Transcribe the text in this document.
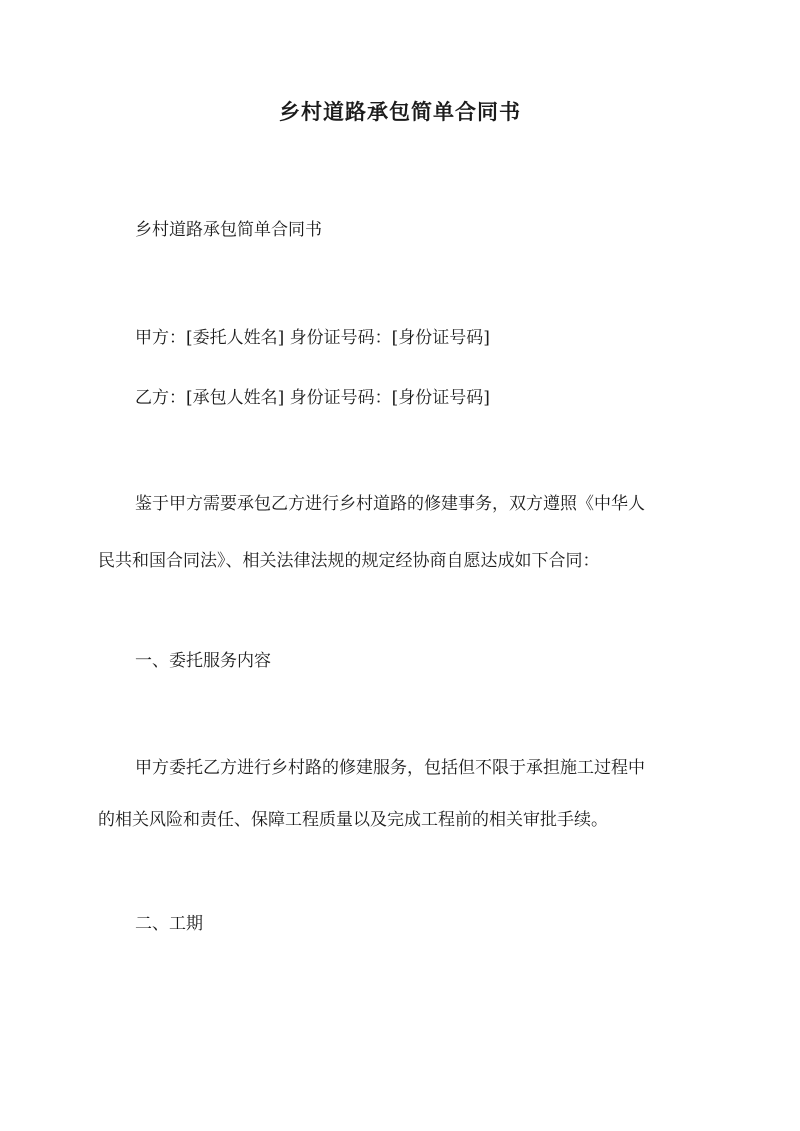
乡村道路承包简单合同书
乡村道路承包简单合同书
甲方：[委托人姓名] 身份证号码：[身份证号码]
乙方：[承包人姓名] 身份证号码：[身份证号码]
鉴于甲方需要承包乙方进行乡村道路的修建事务，双方遵照《中华人
民共和国合同法》、相关法律法规的规定经协商自愿达成如下合同：
一、委托服务内容
甲方委托乙方进行乡村路的修建服务，包括但不限于承担施工过程中
的相关风险和责任、保障工程质量以及完成工程前的相关审批手续。
二、工期
